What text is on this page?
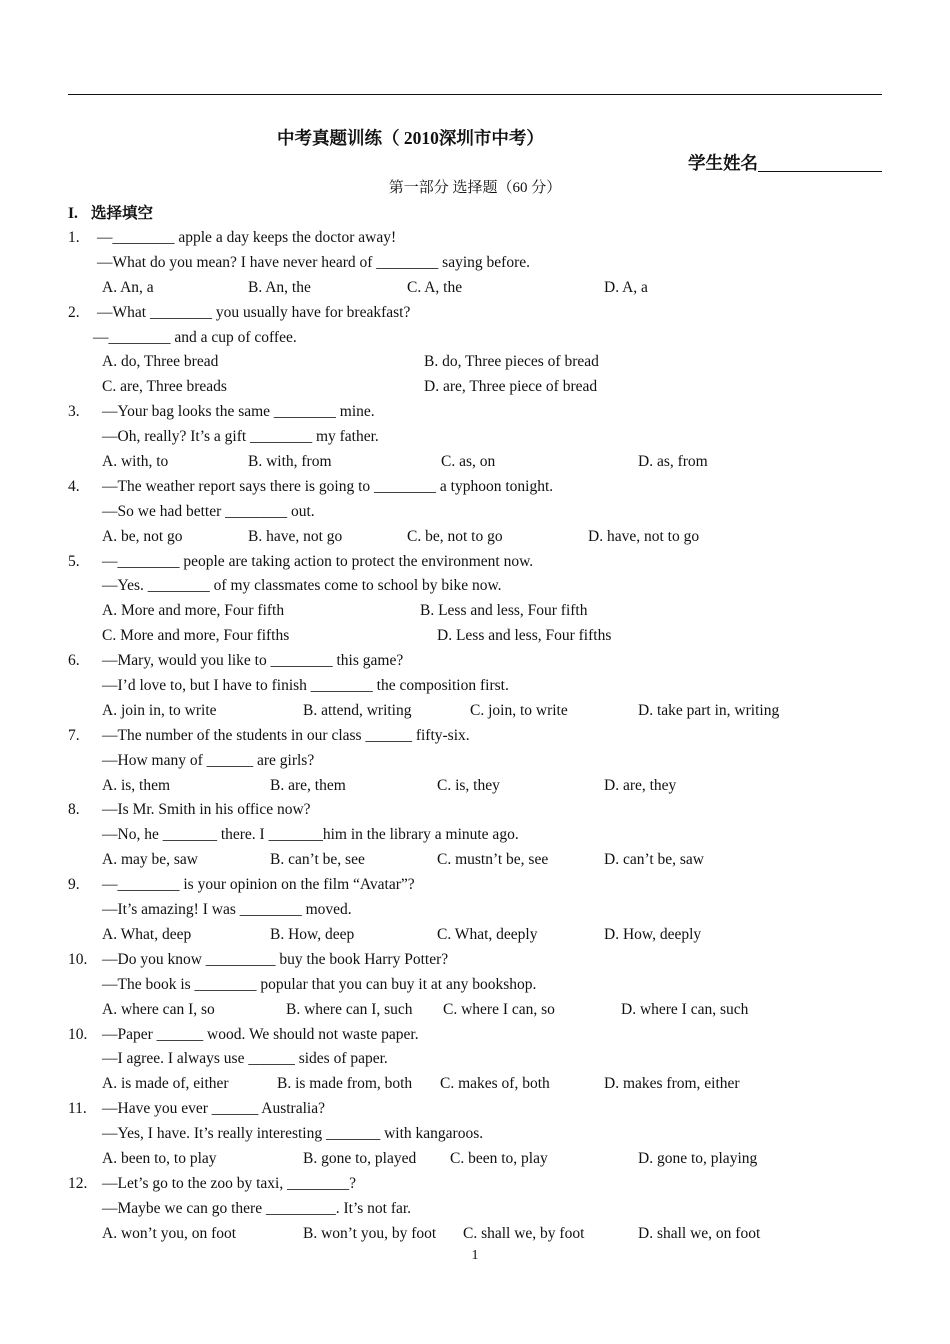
中考真题训练（ 2010深圳市中考）
学生姓名
第一部分 选择题（60 分）
I. 选择填空
1. —________ apple a day keeps the doctor away!
—What do you mean? I have never heard of ________ saying before.
A. An, a	B. An, the	C. A, the	D. A, a
2. —What ________ you usually have for breakfast?
—________ and a cup of coffee.
A. do, Three bread	B. do, Three pieces of bread
C. are, Three breads	D. are, Three piece of bread
3. —Your bag looks the same ________ mine.
—Oh, really? It’s a gift ________ my father.
A. with, to	B. with, from	C. as, on	D. as, from
4. —The weather report says there is going to ________ a typhoon tonight.
—So we had better ________ out.
A. be, not go	B. have, not go	C. be, not to go	D. have, not to go
5. —________ people are taking action to protect the environment now.
—Yes. ________ of my classmates come to school by bike now.
A. More and more, Four fifth	B. Less and less, Four fifth
C. More and more, Four fifths	D. Less and less, Four fifths
6. —Mary, would you like to ________ this game?
—I’d love to, but I have to finish ________ the composition first.
A. join in, to write	B. attend, writing	C. join, to write	D. take part in, writing
7. —The number of the students in our class ______ fifty-six.
—How many of ______ are girls?
A. is, them	B. are, them	C. is, they	D. are, they
8. —Is Mr. Smith in his office now?
—No, he _______ there. I _______him in the library a minute ago.
A. may be, saw	B. can’t be, see	C. mustn’t be, see	D. can’t be, saw
9. —________ is your opinion on the film “Avatar”?
—It’s amazing! I was ________ moved.
A. What, deep	B. How, deep	C. What, deeply	D. How, deeply
10. —Do you know _________ buy the book Harry Potter?
—The book is ________ popular that you can buy it at any bookshop.
A. where can I, so	B. where can I, such C. where I can, so	D. where I can, such
10. —Paper ______ wood. We should not waste paper.
—I agree. I always use ______ sides of paper.
A. is made of, either	B. is made from, both C. makes of, both	D. makes from, either
11. —Have you ever ______ Australia?
—Yes, I have. It’s really interesting _______ with kangaroos.
A. been to, to play	B. gone to, played C. been to, play	D. gone to, playing
12. —Let’s go to the zoo by taxi, ________?
—Maybe we can go there _________. It’s not far.
A. won’t you, on foot	B. won’t you, by foot C. shall we, by foot	D. shall we, on foot
1
